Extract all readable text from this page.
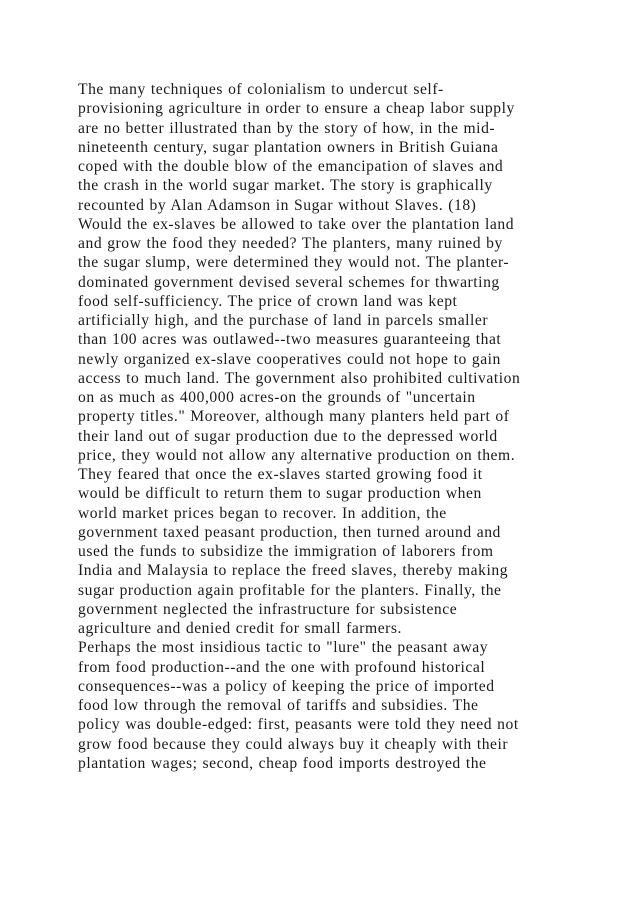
The many techniques of colonialism to undercut self-
provisioning agriculture in order to ensure a cheap labor supply
are no better illustrated than by the story of how, in the mid-
nineteenth century, sugar plantation owners in British Guiana
coped with the double blow of the emancipation of slaves and
the crash in the world sugar market. The story is graphically
recounted by Alan Adamson in Sugar without Slaves. (18)
Would the ex-slaves be allowed to take over the plantation land
and grow the food they needed? The planters, many ruined by
the sugar slump, were determined they would not. The planter-
dominated government devised several schemes for thwarting
food self-sufficiency. The price of crown land was kept
artificially high, and the purchase of land in parcels smaller
than 100 acres was outlawed--two measures guaranteeing that
newly organized ex-slave cooperatives could not hope to gain
access to much land. The government also prohibited cultivation
on as much as 400,000 acres-on the grounds of "uncertain
property titles." Moreover, although many planters held part of
their land out of sugar production due to the depressed world
price, they would not allow any alternative production on them.
They feared that once the ex-slaves started growing food it
would be difficult to return them to sugar production when
world market prices began to recover. In addition, the
government taxed peasant production, then turned around and
used the funds to subsidize the immigration of laborers from
India and Malaysia to replace the freed slaves, thereby making
sugar production again profitable for the planters. Finally, the
government neglected the infrastructure for subsistence
agriculture and denied credit for small farmers.
Perhaps the most insidious tactic to "lure" the peasant away
from food production--and the one with profound historical
consequences--was a policy of keeping the price of imported
food low through the removal of tariffs and subsidies. The
policy was double-edged: first, peasants were told they need not
grow food because they could always buy it cheaply with their
plantation wages; second, cheap food imports destroyed the
